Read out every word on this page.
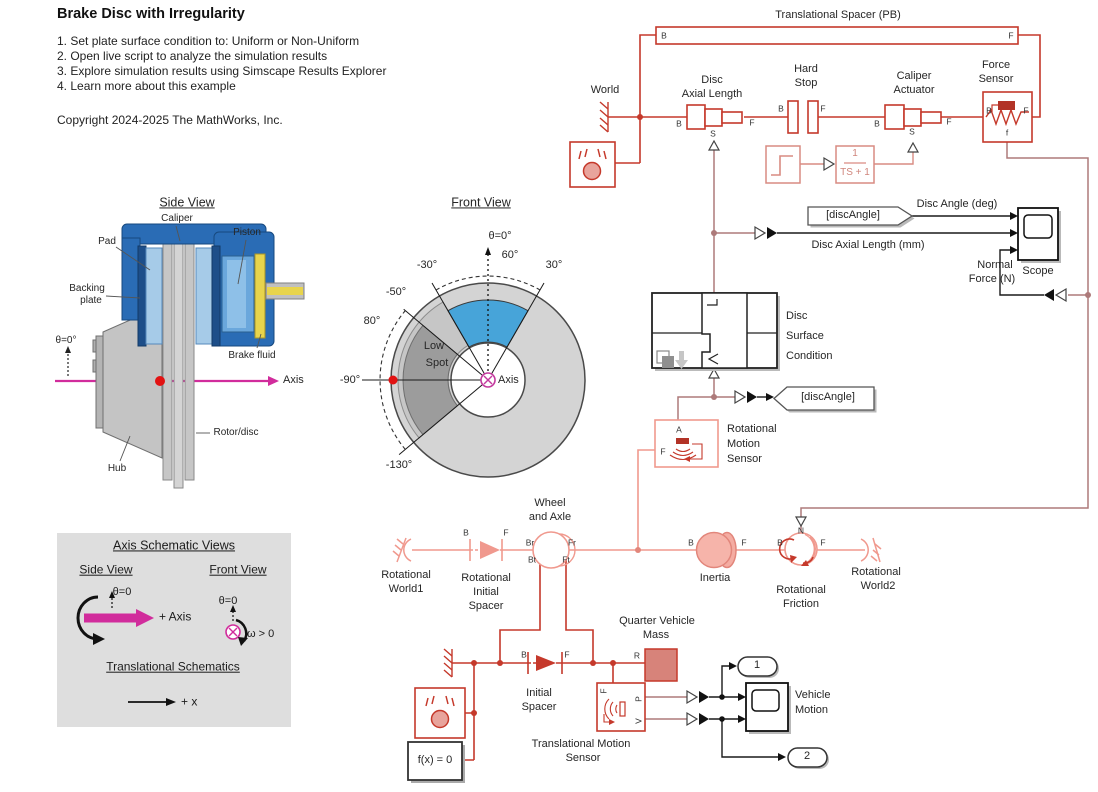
Brake Disc with Irregularity
1. Set plate surface condition to: Uniform or Non-Uniform
2. Open live script to analyze the simulation results
3. Explore simulation results using Simscape Results Explorer
4. Learn more about this example
Copyright 2024-2025 The MathWorks, Inc.
Side View
Caliper
Pad
Piston
Backing
plate
Brake fluid
θ=0°
Axis
Rotor/disc
Hub
Front View
θ=0°
60°
-30°	30°
-50°
80°
-90°
-130°
Low
Spot
Axis
Axis Schematic Views
Side View	Front View
θ=0
+ Axis
θ=0
ω > 0
Translational Schematics
+ x
Translational Spacer (PB)
World
Disc
Axial Length
Hard
Stop
Caliper
Actuator
Force
Sensor
Disc Angle (deg)
Disc Axial Length (mm)
Normal
Force (N)
Scope
[discAngle]
[discAngle]
Disc
Surface
Condition
Rotational
Motion
Sensor
Wheel
and Axle
Rotational
World1
Rotational
Initial
Spacer
Inertia
Rotational
Friction
Rotational
World2
Quarter Vehicle
Mass
Initial
Spacer
Translational Motion
Sensor
Vehicle
Motion
f(x) = 0
1
2
1
TS + 1
B	F
B
S
F
B	F
B
S
F
B	F
f
B	F
Br	Fr
Bt	Ft
B	F	B
N
F
B	F	R
F
P
V
A
F
